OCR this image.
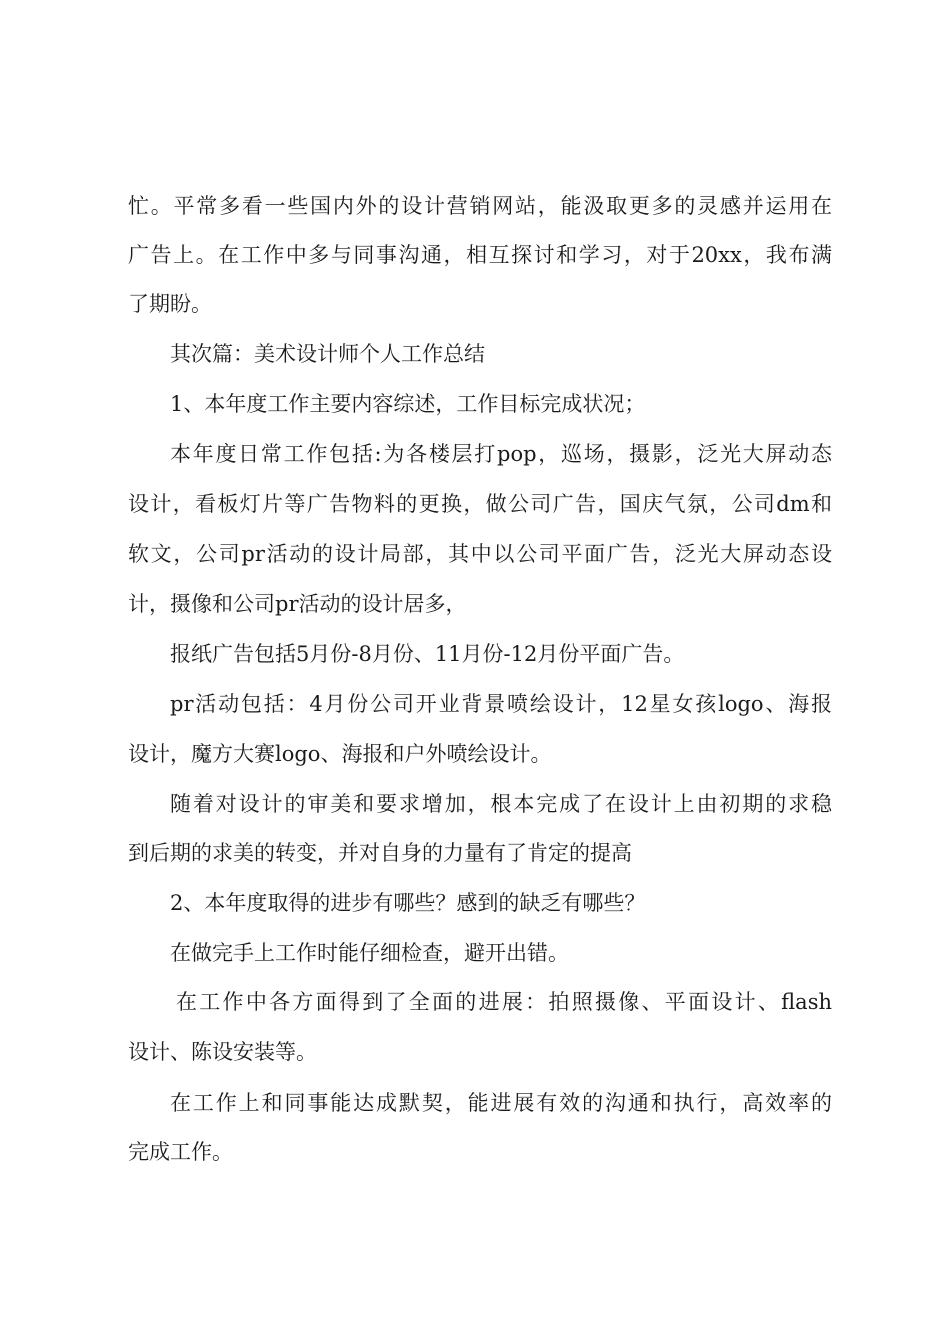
忙。平常多看一些国内外的设计营销网站，能汲取更多的灵感并运用在
广告上。在工作中多与同事沟通，相互探讨和学习，对于20xx，我布满
了期盼。
其次篇：美术设计师个人工作总结
1、本年度工作主要内容综述，工作目标完成状况；
本年度日常工作包括:为各楼层打pop，巡场，摄影，泛光大屏动态
设计，看板灯片等广告物料的更换，做公司广告，国庆气氛，公司dm和
软文，公司pr活动的设计局部，其中以公司平面广告，泛光大屏动态设
计，摄像和公司pr活动的设计居多，
报纸广告包括5月份-8月份、11月份-12月份平面广告。
pr活动包括：4月份公司开业背景喷绘设计，12星女孩logo、海报
设计，魔方大赛logo、海报和户外喷绘设计。
随着对设计的审美和要求增加，根本完成了在设计上由初期的求稳
到后期的求美的转变，并对自身的力量有了肯定的提高
2、本年度取得的进步有哪些？感到的缺乏有哪些？
在做完手上工作时能仔细检查，避开出错。
在工作中各方面得到了全面的进展：拍照摄像、平面设计、flash
设计、陈设安装等。
在工作上和同事能达成默契，能进展有效的沟通和执行，高效率的
完成工作。
